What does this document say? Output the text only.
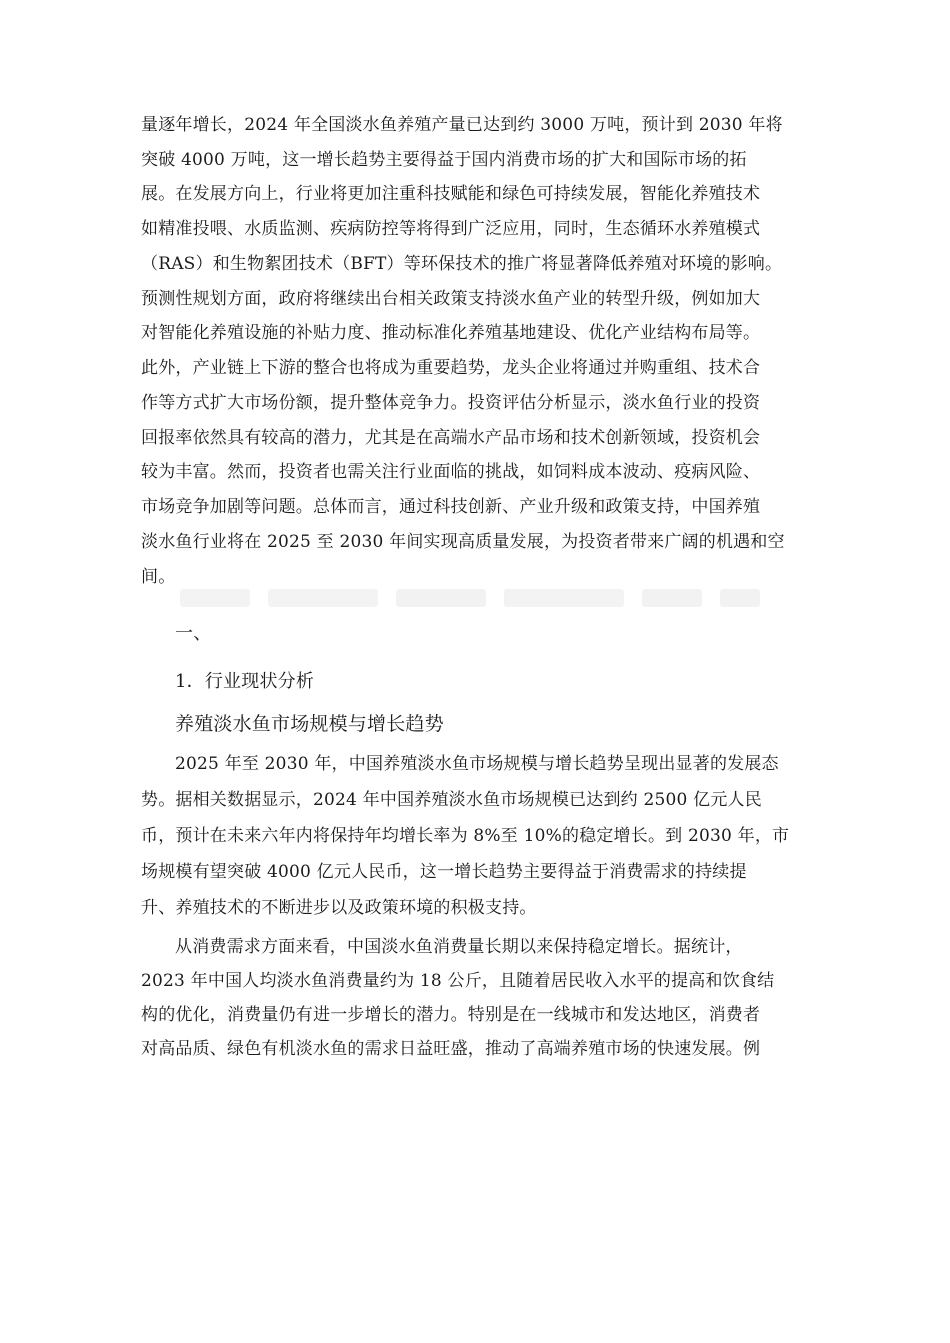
量逐年增长，2024 年全国淡水鱼养殖产量已达到约 3000 万吨，预计到 2030 年将
突破 4000 万吨，这一增长趋势主要得益于国内消费市场的扩大和国际市场的拓
展。在发展方向上，行业将更加注重科技赋能和绿色可持续发展，智能化养殖技术
如精准投喂、水质监测、疾病防控等将得到广泛应用，同时，生态循环水养殖模式
（RAS）和生物絮团技术（BFT）等环保技术的推广将显著降低养殖对环境的影响。
预测性规划方面，政府将继续出台相关政策支持淡水鱼产业的转型升级，例如加大
对智能化养殖设施的补贴力度、推动标准化养殖基地建设、优化产业结构布局等。
此外，产业链上下游的整合也将成为重要趋势，龙头企业将通过并购重组、技术合
作等方式扩大市场份额，提升整体竞争力。投资评估分析显示，淡水鱼行业的投资
回报率依然具有较高的潜力，尤其是在高端水产品市场和技术创新领域，投资机会
较为丰富。然而，投资者也需关注行业面临的挑战，如饲料成本波动、疫病风险、
市场竞争加剧等问题。总体而言，通过科技创新、产业升级和政策支持，中国养殖
淡水鱼行业将在 2025 至 2030 年间实现高质量发展，为投资者带来广阔的机遇和空
间。
一、
1．行业现状分析
养殖淡水鱼市场规模与增长趋势
2025 年至 2030 年，中国养殖淡水鱼市场规模与增长趋势呈现出显著的发展态
势。据相关数据显示，2024 年中国养殖淡水鱼市场规模已达到约 2500 亿元人民
币，预计在未来六年内将保持年均增长率为 8%至 10%的稳定增长。到 2030 年，市
场规模有望突破 4000 亿元人民币，这一增长趋势主要得益于消费需求的持续提
升、养殖技术的不断进步以及政策环境的积极支持。
从消费需求方面来看，中国淡水鱼消费量长期以来保持稳定增长。据统计，
2023 年中国人均淡水鱼消费量约为 18 公斤，且随着居民收入水平的提高和饮食结
构的优化，消费量仍有进一步增长的潜力。特别是在一线城市和发达地区，消费者
对高品质、绿色有机淡水鱼的需求日益旺盛，推动了高端养殖市场的快速发展。例
